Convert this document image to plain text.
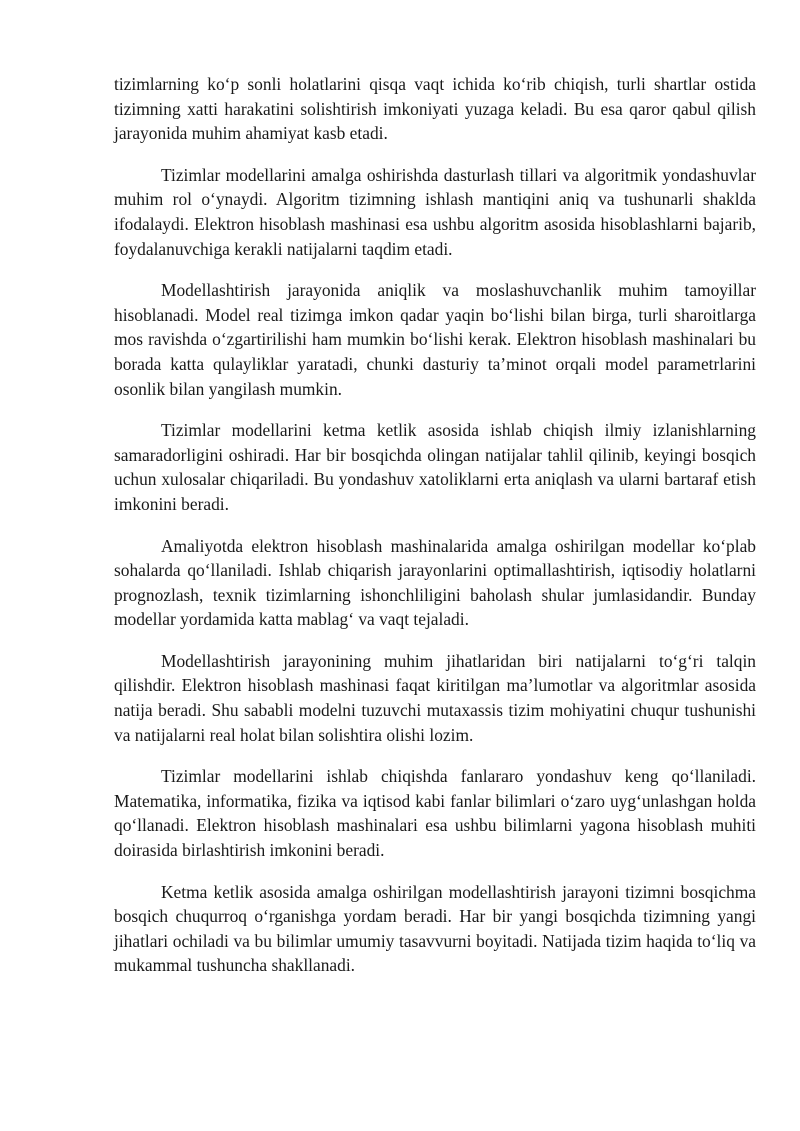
tizimlarning ko‘p sonli holatlarini qisqa vaqt ichida ko‘rib chiqish, turli shartlar ostida tizimning xatti harakatini solishtirish imkoniyati yuzaga keladi. Bu esa qaror qabul qilish jarayonida muhim ahamiyat kasb etadi.

Tizimlar modellarini amalga oshirishda dasturlash tillari va algoritmik yondashuvlar muhim rol o‘ynaydi. Algoritm tizimning ishlash mantiqini aniq va tushunarli shaklda ifodalaydi. Elektron hisoblash mashinasi esa ushbu algoritm asosida hisoblashlarni bajarib, foydalanuvchiga kerakli natijalarni taqdim etadi.

Modellashtirish jarayonida aniqlik va moslashuvchanlik muhim tamoyillar hisoblanadi. Model real tizimga imkon qadar yaqin bo‘lishi bilan birga, turli sharoitlarga mos ravishda o‘zgartirilishi ham mumkin bo‘lishi kerak. Elektron hisoblash mashinalari bu borada katta qulayliklar yaratadi, chunki dasturiy ta’minot orqali model parametrlarini osonlik bilan yangilash mumkin.

Tizimlar modellarini ketma ketlik asosida ishlab chiqish ilmiy izlanishlarning samaradorligini oshiradi. Har bir bosqichda olingan natijalar tahlil qilinib, keyingi bosqich uchun xulosalar chiqariladi. Bu yondashuv xatoliklarni erta aniqlash va ularni bartaraf etish imkonini beradi.

Amaliyotda elektron hisoblash mashinalarida amalga oshirilgan modellar ko‘plab sohalarda qo‘llaniladi. Ishlab chiqarish jarayonlarini optimallashtirish, iqtisodiy holatlarni prognozlash, texnik tizimlarning ishonchliligini baholash shular jumlasidandir. Bunday modellar yordamida katta mablag‘ va vaqt tejaladi.

Modellashtirish jarayonining muhim jihatlaridan biri natijalarni to‘g‘ri talqin qilishdir. Elektron hisoblash mashinasi faqat kiritilgan ma’lumotlar va algoritmlar asosida natija beradi. Shu sababli modelni tuzuvchi mutaxassis tizim mohiyatini chuqur tushunishi va natijalarni real holat bilan solishtira olishi lozim.

Tizimlar modellarini ishlab chiqishda fanlararo yondashuv keng qo‘llaniladi. Matematika, informatika, fizika va iqtisod kabi fanlar bilimlari o‘zaro uyg‘unlashgan holda qo‘llanadi. Elektron hisoblash mashinalari esa ushbu bilimlarni yagona hisoblash muhiti doirasida birlashtirish imkonini beradi.

Ketma ketlik asosida amalga oshirilgan modellashtirish jarayoni tizimni bosqichma bosqich chuqurroq o‘rganishga yordam beradi. Har bir yangi bosqichda tizimning yangi jihatlari ochiladi va bu bilimlar umumiy tasavvurni boyitadi. Natijada tizim haqida to‘liq va mukammal tushuncha shakllanadi.
